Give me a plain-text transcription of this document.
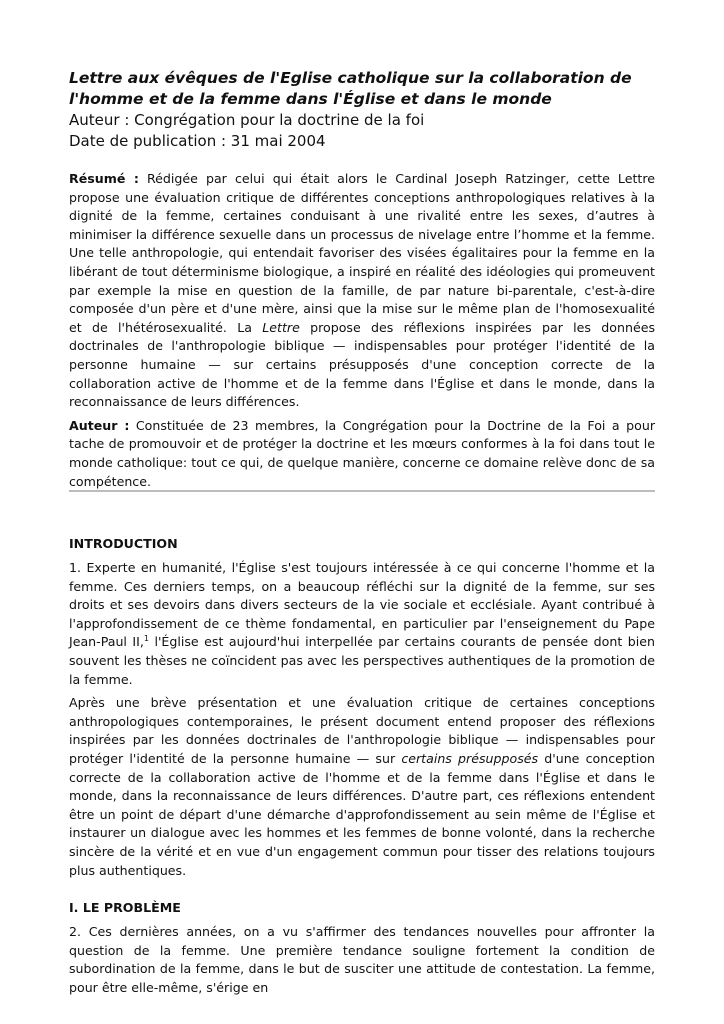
Lettre aux évêques de l'Eglise catholique sur la collaboration de l'homme et de la femme dans l'Église et dans le monde

Auteur : Congrégation pour la doctrine de la foi

Date de publication : 31 mai 2004

Résumé : Rédigée par celui qui était alors le Cardinal Joseph Ratzinger, cette Lettre propose une évaluation critique de différentes conceptions anthropologiques relatives à la dignité de la femme, certaines conduisant à une rivalité entre les sexes, d’autres à minimiser la différence sexuelle dans un processus de nivelage entre l’homme et la femme. Une telle anthropologie, qui entendait favoriser des visées égalitaires pour la femme en la libérant de tout déterminisme biologique, a inspiré en réalité des idéologies qui promeuvent par exemple la mise en question de la famille, de par nature bi-parentale, c'est-à-dire composée d'un père et d'une mère, ainsi que la mise sur le même plan de l'homosexualité et de l'hétérosexualité. La Lettre propose des réflexions inspirées par les données doctrinales de l'anthropologie biblique — indispensables pour protéger l'identité de la personne humaine — sur certains présupposés d'une conception correcte de la collaboration active de l'homme et de la femme dans l'Église et dans le monde, dans la reconnaissance de leurs différences.

Auteur : Constituée de 23 membres, la Congrégation pour la Doctrine de la Foi a pour tache de promouvoir et de protéger la doctrine et les mœurs conformes à la foi dans tout le monde catholique: tout ce qui, de quelque manière, concerne ce domaine relève donc de sa compétence.

INTRODUCTION

1. Experte en humanité, l'Église s'est toujours intéressée à ce qui concerne l'homme et la femme. Ces derniers temps, on a beaucoup réfléchi sur la dignité de la femme, sur ses droits et ses devoirs dans divers secteurs de la vie sociale et ecclésiale. Ayant contribué à l'approfondissement de ce thème fondamental, en particulier par l'enseignement du Pape Jean-Paul II,$^1$ l'Église est aujourd'hui interpellée par certains courants de pensée dont bien souvent les thèses ne coïncident pas avec les perspectives authentiques de la promotion de la femme.

Après une brève présentation et une évaluation critique de certaines conceptions anthropologiques contemporaines, le présent document entend proposer des réflexions inspirées par les données doctrinales de l'anthropologie biblique — indispensables pour protéger l'identité de la personne humaine — sur certains présupposés d'une conception correcte de la collaboration active de l'homme et de la femme dans l'Église et dans le monde, dans la reconnaissance de leurs différences. D'autre part, ces réflexions entendent être un point de départ d'une démarche d'approfondissement au sein même de l'Église et instaurer un dialogue avec les hommes et les femmes de bonne volonté, dans la recherche sincère de la vérité et en vue d'un engagement commun pour tisser des relations toujours plus authentiques.

I. LE PROBLÈME

2. Ces dernières années, on a vu s'affirmer des tendances nouvelles pour affronter la question de la femme. Une première tendance souligne fortement la condition de subordination de la femme, dans le but de susciter une attitude de contestation. La femme, pour être elle-même, s'érige en
